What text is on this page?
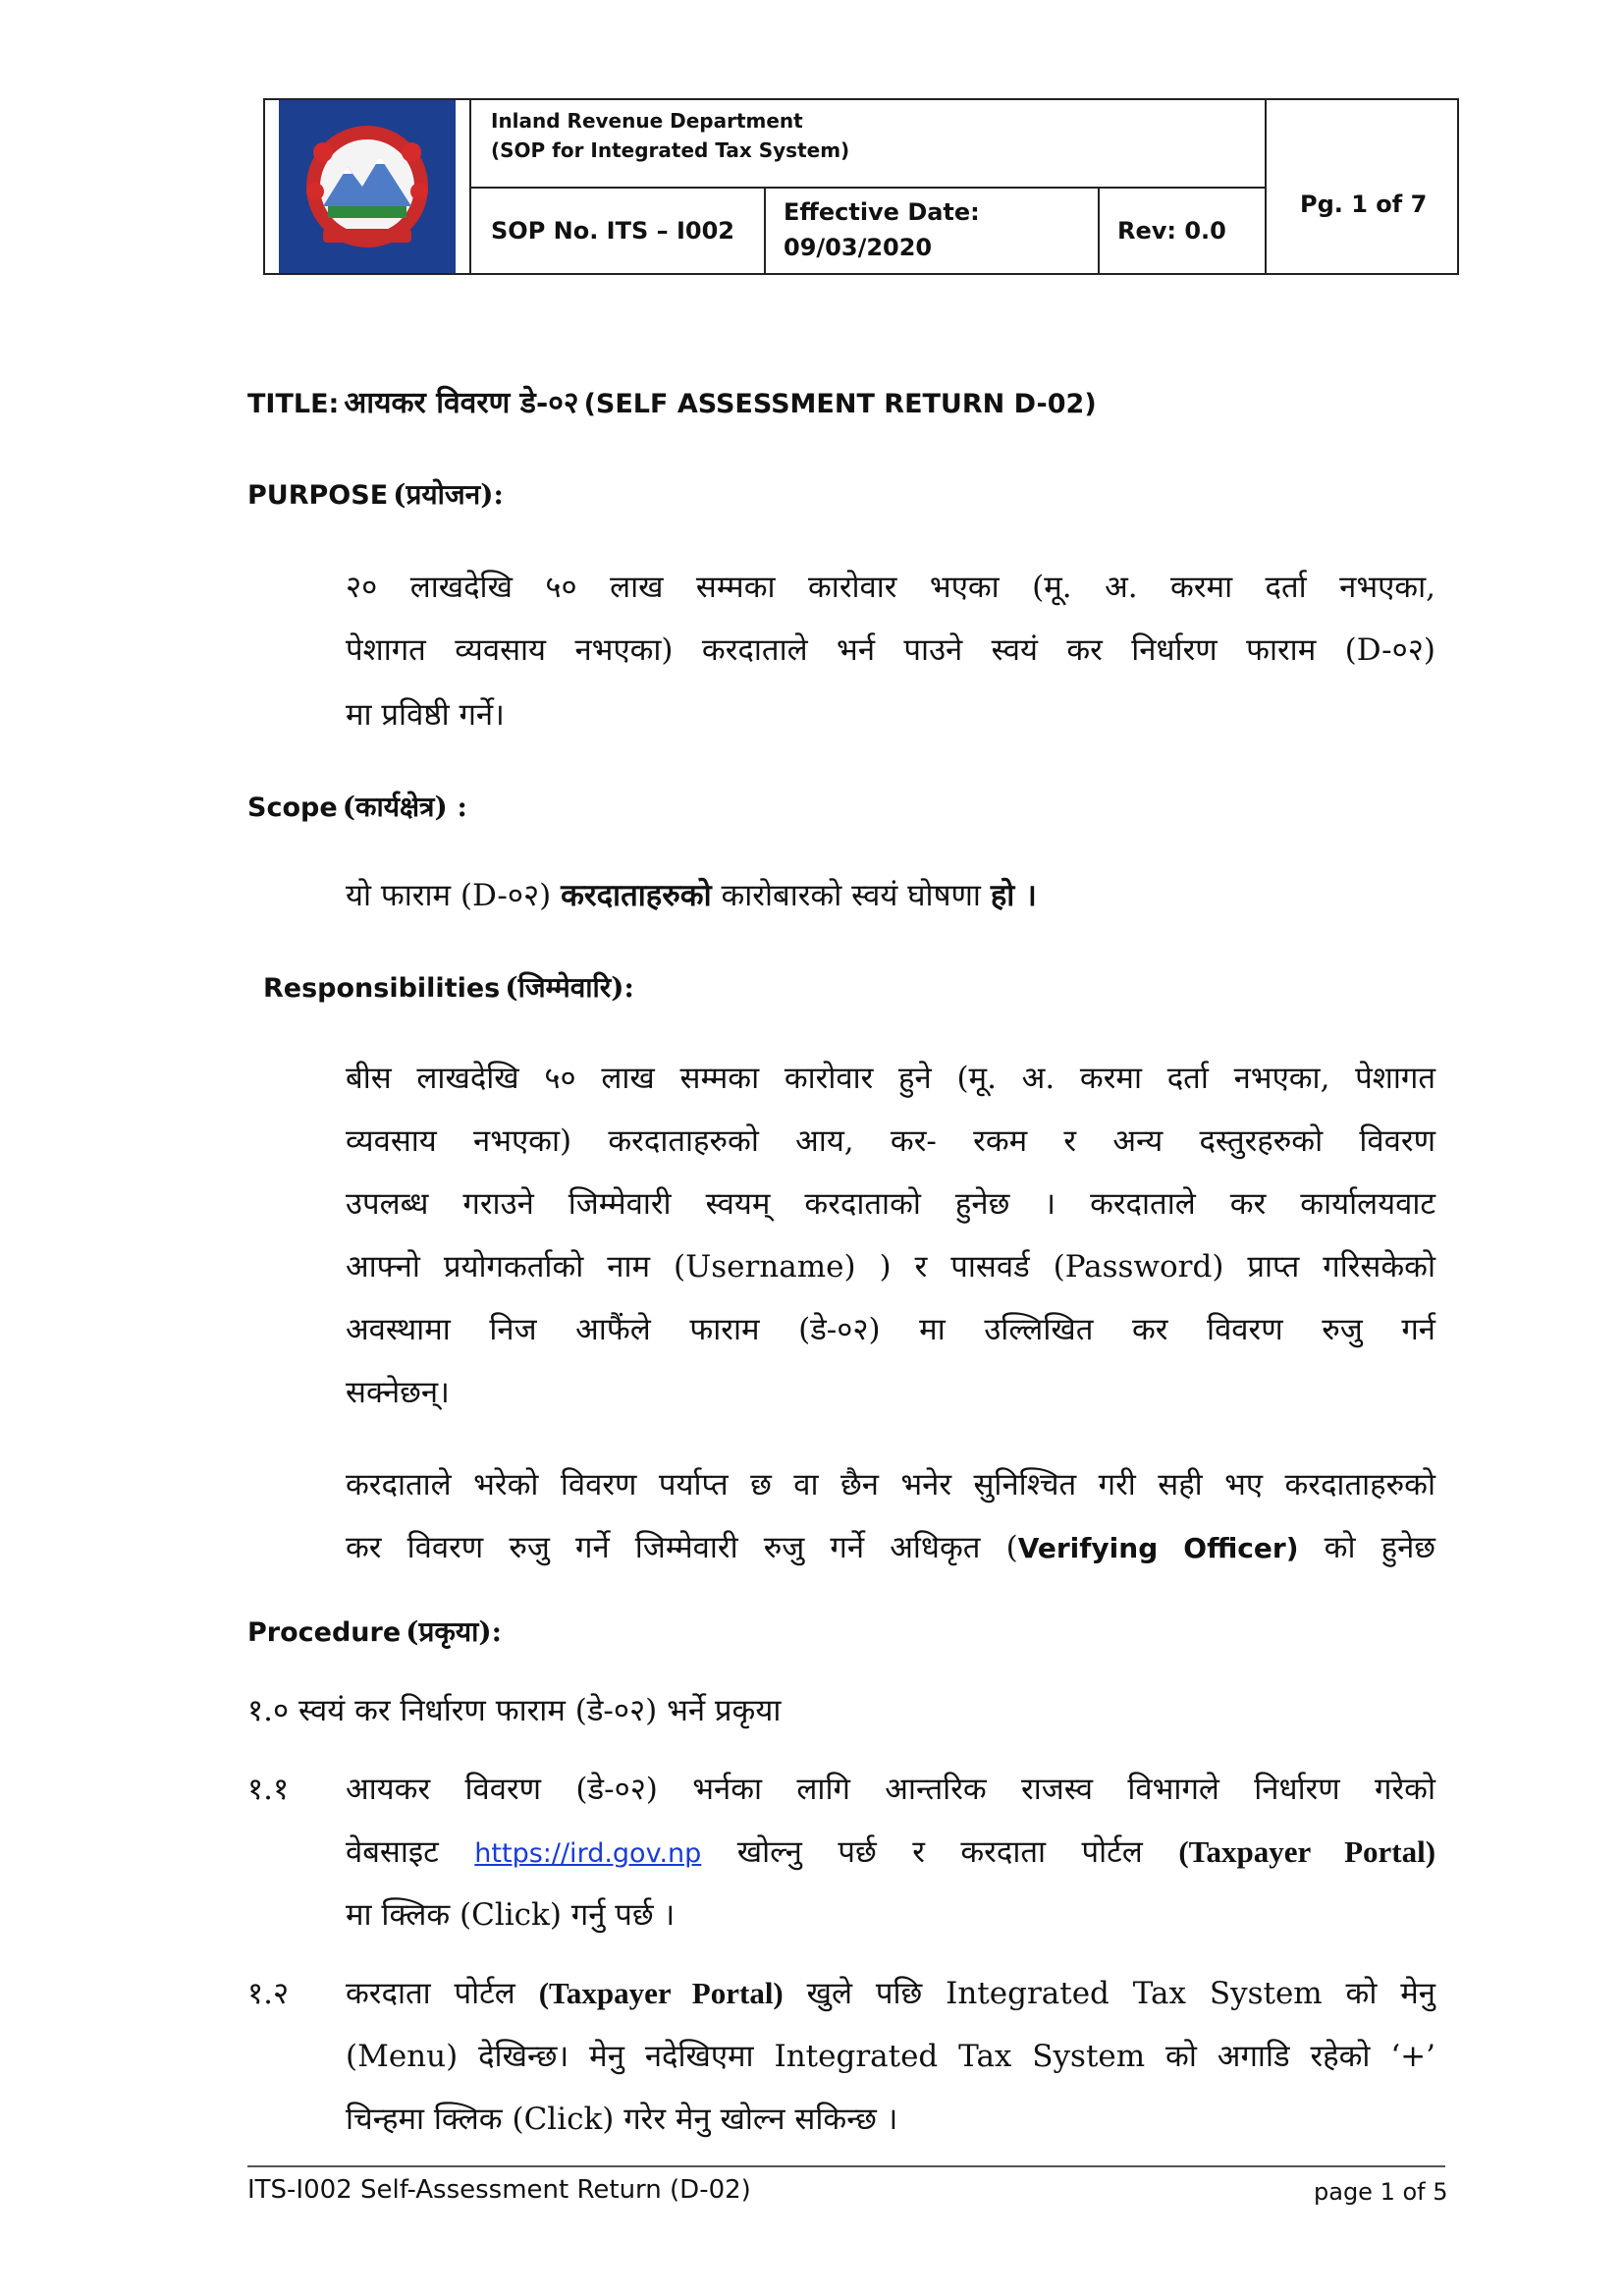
Inland Revenue Department
(SOP for Integrated Tax System)
SOP No. ITS – I002
Effective Date:
09/03/2020
Rev: 0.0
Pg. 1 of 7
TITLE: आयकर विवरण डे-०२ (SELF ASSESSMENT RETURN D-02)
PURPOSE (प्रयोजन):
२० लाखदेखि ५० लाख सम्मका कारोवार भएका (मू. अ. करमा दर्ता नभएका,
पेशागत व्यवसाय नभएका) करदाताले भर्न पाउने स्वयं कर निर्धारण फाराम (D-०२)
मा प्रविष्ठी गर्ने।
Scope (कार्यक्षेत्र) :
यो फाराम (D-०२) करदाताहरुको कारोबारको स्वयं घोषणा हो ।
Responsibilities (जिम्मेवारि):
बीस लाखदेखि ५० लाख सम्मका कारोवार हुने (मू. अ. करमा दर्ता नभएका, पेशागत
व्यवसाय नभएका) करदाताहरुको आय, कर- रकम र अन्य दस्तुरहरुको विवरण
उपलब्ध गराउने जिम्मेवारी स्वयम् करदाताको हुनेछ । करदाताले कर कार्यालयवाट
आफ्नो प्रयोगकर्ताको नाम (Username) ) र पासवर्ड (Password) प्राप्त गरिसकेको
अवस्थामा निज आफैंले फाराम (डे-०२) मा उल्लिखित कर विवरण रुजु गर्न
सक्नेछन्।
करदाताले भरेको विवरण पर्याप्त छ वा छैन भनेर सुनिश्चित गरी सही भए करदाताहरुको
कर विवरण रुजु गर्ने जिम्मेवारी रुजु गर्ने अधिकृत (Verifying Officer) को हुनेछ
Procedure (प्रकृया):
१.० स्वयं कर निर्धारण फाराम (डे-०२) भर्ने प्रकृया
१.१ आयकर विवरण (डे-०२) भर्नका लागि आन्तरिक राजस्व विभागले निर्धारण गरेको
वेबसाइट https://ird.gov.np खोल्नु पर्छ र करदाता पोर्टल (Taxpayer Portal)
मा क्लिक (Click) गर्नु पर्छ ।
१.२ करदाता पोर्टल (Taxpayer Portal) खुले पछि Integrated Tax System को मेनु
(Menu) देखिन्छ। मेनु नदेखिएमा Integrated Tax System को अगाडि रहेको ‘+’
चिन्हमा क्लिक (Click) गरेर मेनु खोल्न सकिन्छ ।
ITS-I002 Self-Assessment Return (D-02)	page 1 of 5
